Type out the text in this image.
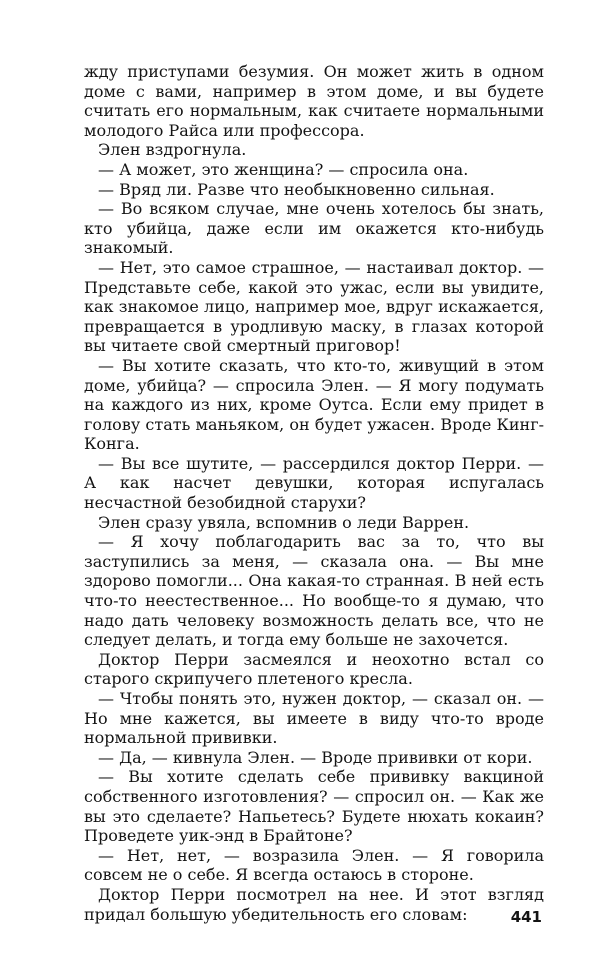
жду приступами безумия. Он может жить в одном доме с вами, например в этом доме, и вы будете считать его нормальным, как считаете нормальными молодого Райса или профессора.

Элен вздрогнула.

— А может, это женщина? — спросила она.

— Вряд ли. Разве что необыкновенно сильная.

— Во всяком случае, мне очень хотелось бы знать, кто убийца, даже если им окажется кто-нибудь знакомый.

— Нет, это самое страшное, — настаивал доктор. — Представьте себе, какой это ужас, если вы увидите, как знакомое лицо, например мое, вдруг искажается, превращается в уродливую маску, в глазах которой вы читаете свой смертный приговор!

— Вы хотите сказать, что кто-то, живущий в этом доме, убийца? — спросила Элен. — Я могу подумать на каждого из них, кроме Оутса. Если ему придет в голову стать маньяком, он будет ужасен. Вроде Кинг-Конга.

— Вы все шутите, — рассердился доктор Перри. — А как насчет девушки, которая испугалась несчастной безобидной старухи?

Элен сразу увяла, вспомнив о леди Варрен.

— Я хочу поблагодарить вас за то, что вы заступились за меня, — сказала она. — Вы мне здорово помогли... Она какая-то странная. В ней есть что-то неестественное... Но вообще-то я думаю, что надо дать человеку возможность делать все, что не следует делать, и тогда ему больше не захочется.

Доктор Перри засмеялся и неохотно встал со старого скрипучего плетеного кресла.

— Чтобы понять это, нужен доктор, — сказал он. — Но мне кажется, вы имеете в виду что-то вроде нормальной прививки.

— Да, — кивнула Элен. — Вроде прививки от кори.

— Вы хотите сделать себе прививку вакциной собственного изготовления? — спросил он. — Как же вы это сделаете? Напьетесь? Будете нюхать кокаин? Проведете уик-энд в Брайтоне?

— Нет, нет, — возразила Элен. — Я говорила совсем не о себе. Я всегда остаюсь в стороне.

Доктор Перри посмотрел на нее. И этот взгляд придал большую убедительность его словам:	441
